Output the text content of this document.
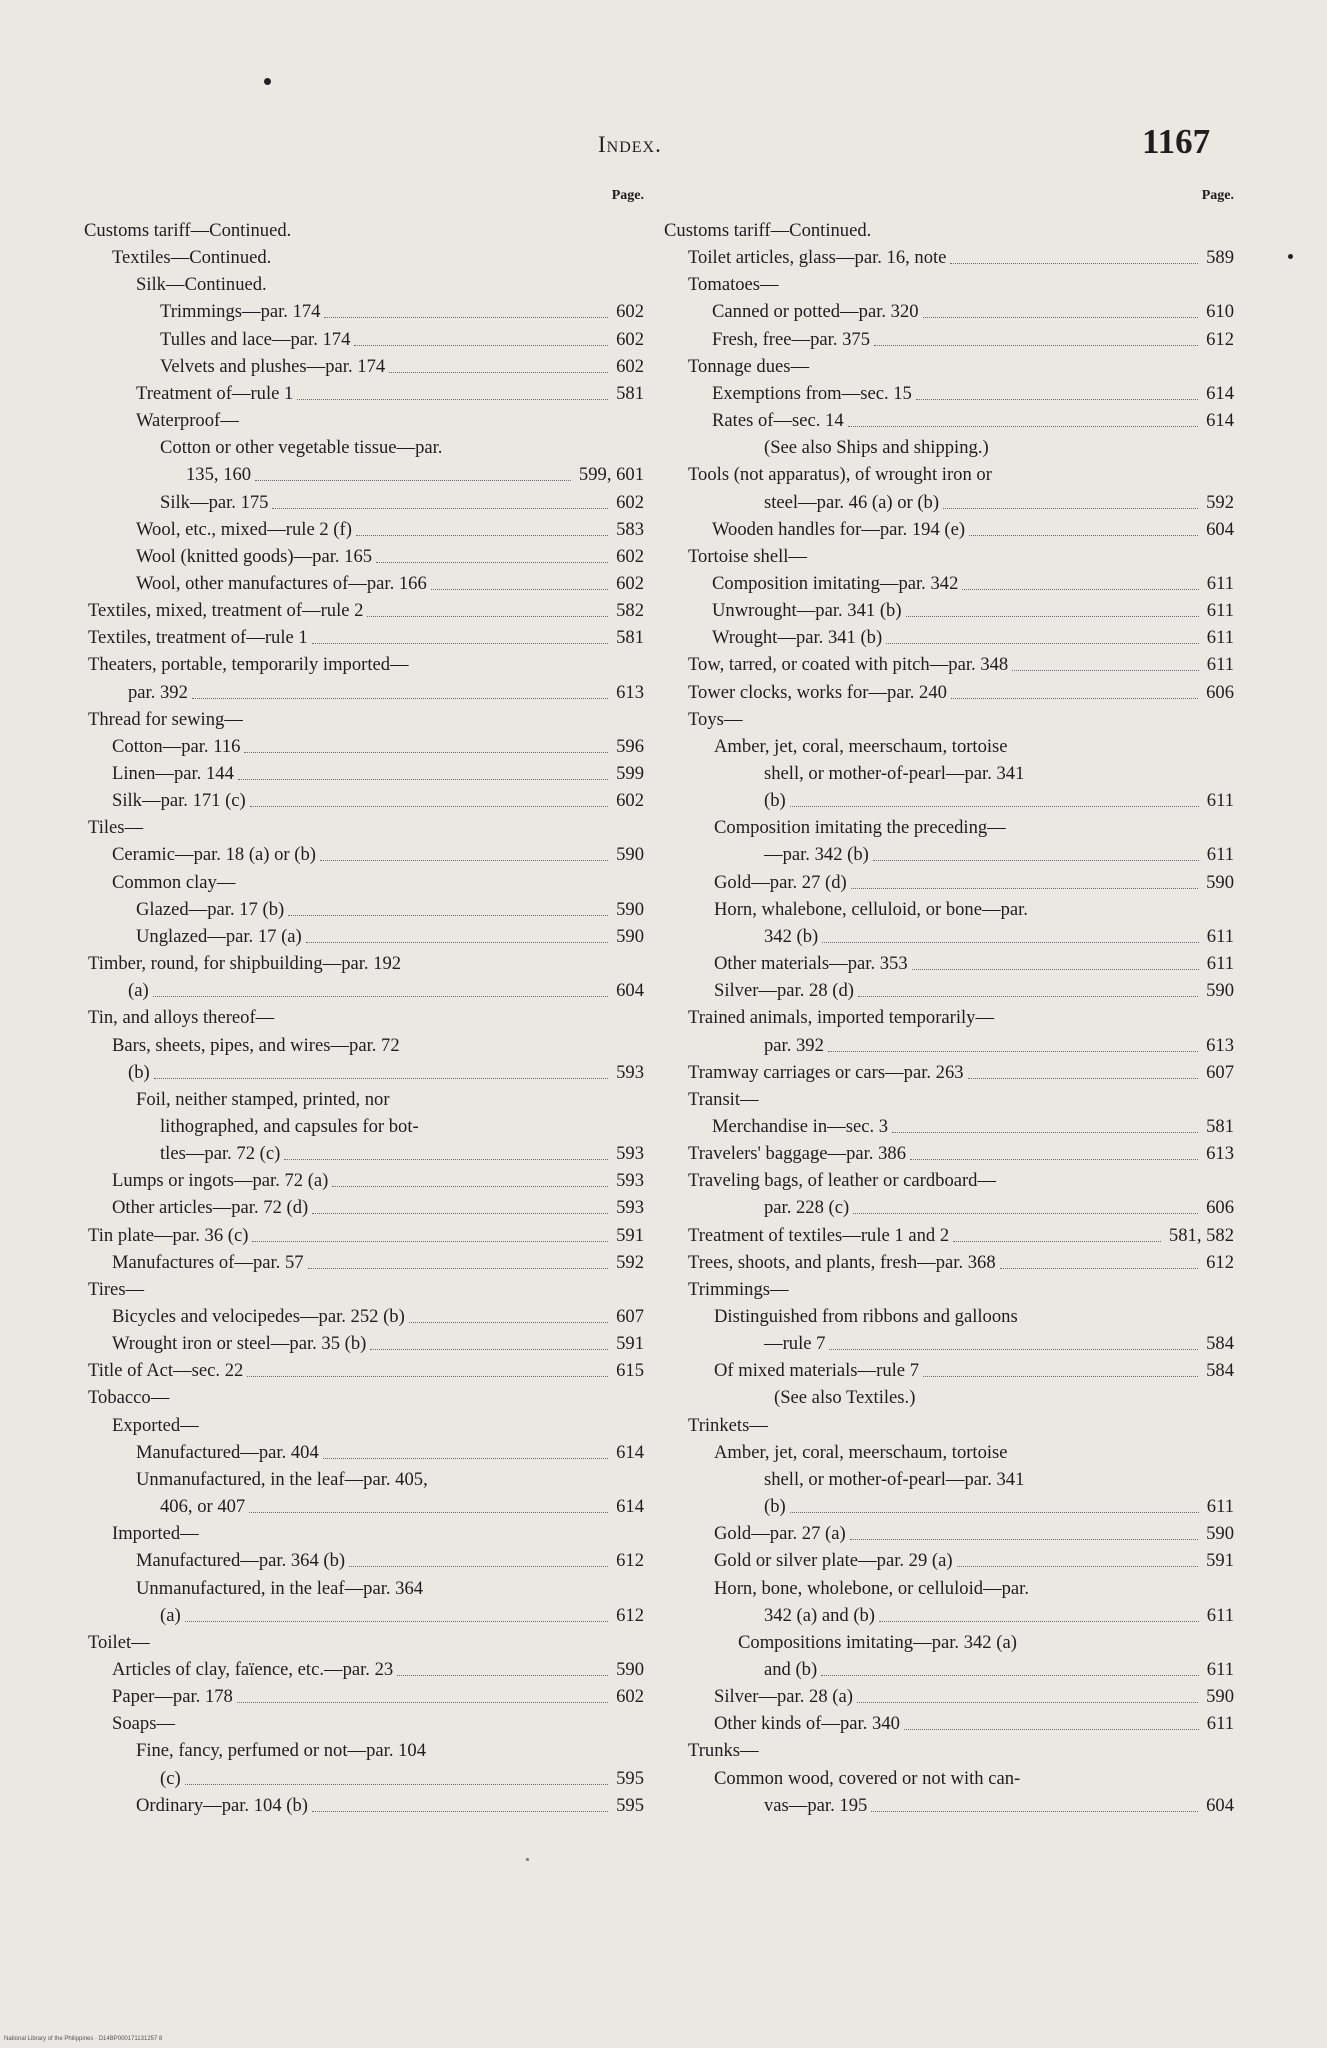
Index.	1167
Page.
Customs tariff—Continued.
Textiles—Continued.
Silk—Continued.
Trimmings—par. 174	602
Tulles and lace—par. 174	602
Velvets and plushes—par. 174	602
Treatment of—rule 1	581
Waterproof—
Cotton or other vegetable tissue—par.
135, 160	599, 601
Silk—par. 175	602
Wool, etc., mixed—rule 2 (f)	583
Wool (knitted goods)—par. 165	602
Wool, other manufactures of—par. 166	602
Textiles, mixed, treatment of—rule 2	582
Textiles, treatment of—rule 1	581
Theaters, portable, temporarily imported—
par. 392	613
Thread for sewing—
Cotton—par. 116	596
Linen—par. 144	599
Silk—par. 171 (c)	602
Tiles—
Ceramic—par. 18 (a) or (b)	590
Common clay—
Glazed—par. 17 (b)	590
Unglazed—par. 17 (a)	590
Timber, round, for shipbuilding—par. 192
(a)	604
Tin, and alloys thereof—
Bars, sheets, pipes, and wires—par. 72
(b)	593
Foil, neither stamped, printed, nor
lithographed, and capsules for bot-
tles—par. 72 (c)	593
Lumps or ingots—par. 72 (a)	593
Other articles—par. 72 (d)	593
Tin plate—par. 36 (c)	591
Manufactures of—par. 57	592
Tires—
Bicycles and velocipedes—par. 252 (b)	607
Wrought iron or steel—par. 35 (b)	591
Title of Act—sec. 22	615
Tobacco—
Exported—
Manufactured—par. 404	614
Unmanufactured, in the leaf—par. 405,
406, or 407	614
Imported—
Manufactured—par. 364 (b)	612
Unmanufactured, in the leaf—par. 364
(a)	612
Toilet—
Articles of clay, faïence, etc.—par. 23	590
Paper—par. 178	602
Soaps—
Fine, fancy, perfumed or not—par. 104
(c)	595
Ordinary—par. 104 (b)	595
Page.
Customs tariff—Continued.
Toilet articles, glass—par. 16, note	589
Tomatoes—
Canned or potted—par. 320	610
Fresh, free—par. 375	612
Tonnage dues—
Exemptions from—sec. 15	614
Rates of—sec. 14	614
(See also Ships and shipping.)
Tools (not apparatus), of wrought iron or
steel—par. 46 (a) or (b)	592
Wooden handles for—par. 194 (e)	604
Tortoise shell—
Composition imitating—par. 342	611
Unwrought—par. 341 (b)	611
Wrought—par. 341 (b)	611
Tow, tarred, or coated with pitch—par. 348	611
Tower clocks, works for—par. 240	606
Toys—
Amber, jet, coral, meerschaum, tortoise
shell, or mother-of-pearl—par. 341
(b)	611
Composition imitating the preceding—
—par. 342 (b)	611
Gold—par. 27 (d)	590
Horn, whalebone, celluloid, or bone—par.
342 (b)	611
Other materials—par. 353	611
Silver—par. 28 (d)	590
Trained animals, imported temporarily—
par. 392	613
Tramway carriages or cars—par. 263	607
Transit—
Merchandise in—sec. 3	581
Travelers' baggage—par. 386	613
Traveling bags, of leather or cardboard—
par. 228 (c)	606
Treatment of textiles—rule 1 and 2	581, 582
Trees, shoots, and plants, fresh—par. 368	612
Trimmings—
Distinguished from ribbons and galloons
—rule 7	584
Of mixed materials—rule 7	584
(See also Textiles.)
Trinkets—
Amber, jet, coral, meerschaum, tortoise
shell, or mother-of-pearl—par. 341
(b)	611
Gold—par. 27 (a)	590
Gold or silver plate—par. 29 (a)	591
Horn, bone, wholebone, or celluloid—par.
342 (a) and (b)	611
Compositions imitating—par. 342 (a)
and (b)	611
Silver—par. 28 (a)	590
Other kinds of—par. 340	611
Trunks—
Common wood, covered or not with can-
vas—par. 195	604
National Library of the Philippines · D14BP000171131257 8
